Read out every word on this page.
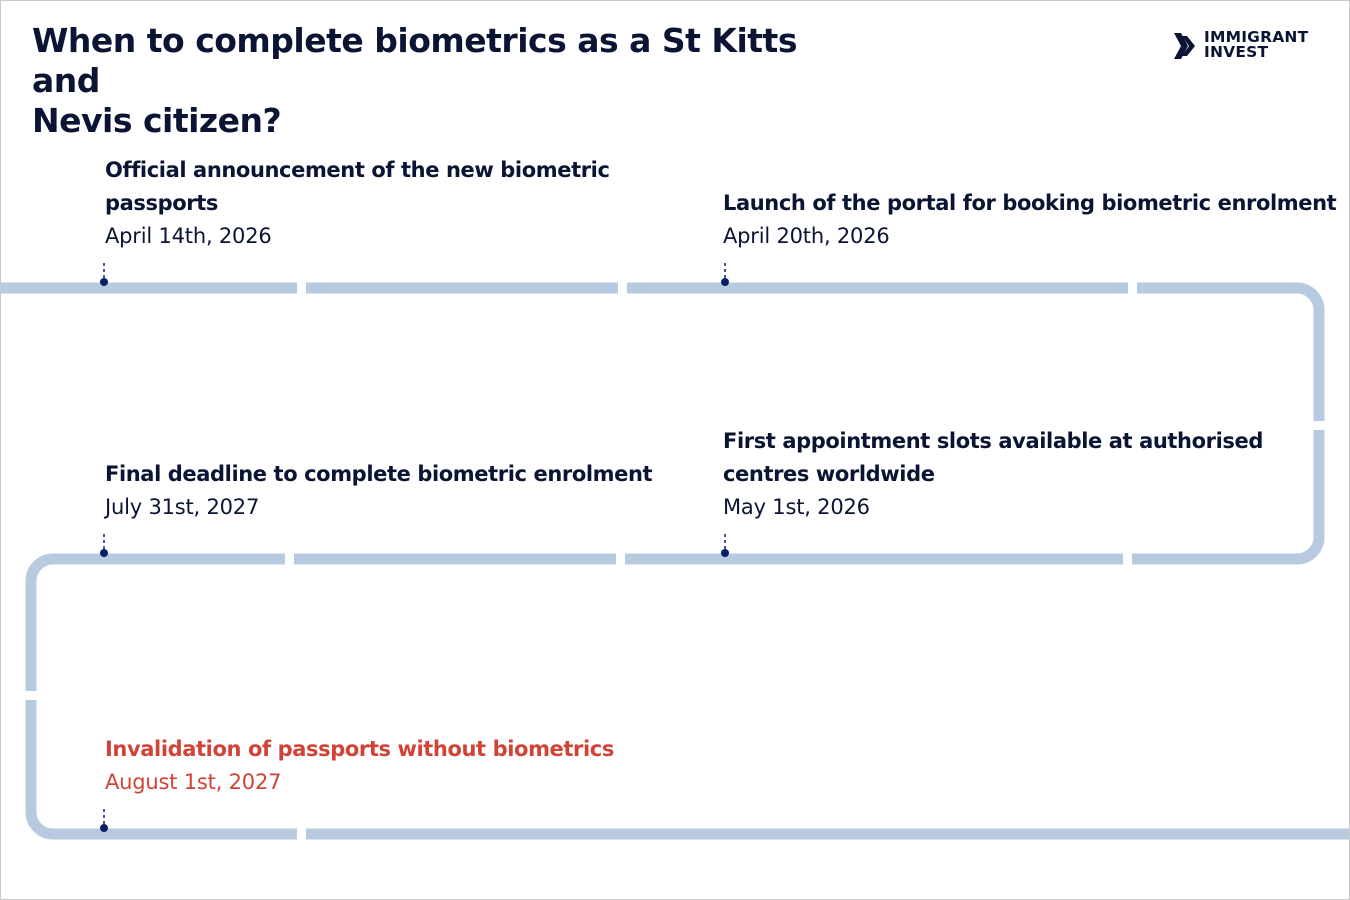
When to complete biometrics as a St Kitts and
Nevis citizen?
IMMIGRANT
INVEST

Official announcement of the new biometric
passports

April 14th, 2026

Launch of the portal for booking biometric enrolment

April 20th, 2026

First appointment slots available at authorised
centres worldwide

May 1st, 2026

Final deadline to complete biometric enrolment

July 31st, 2027

Invalidation of passports without biometrics

August 1st, 2027
